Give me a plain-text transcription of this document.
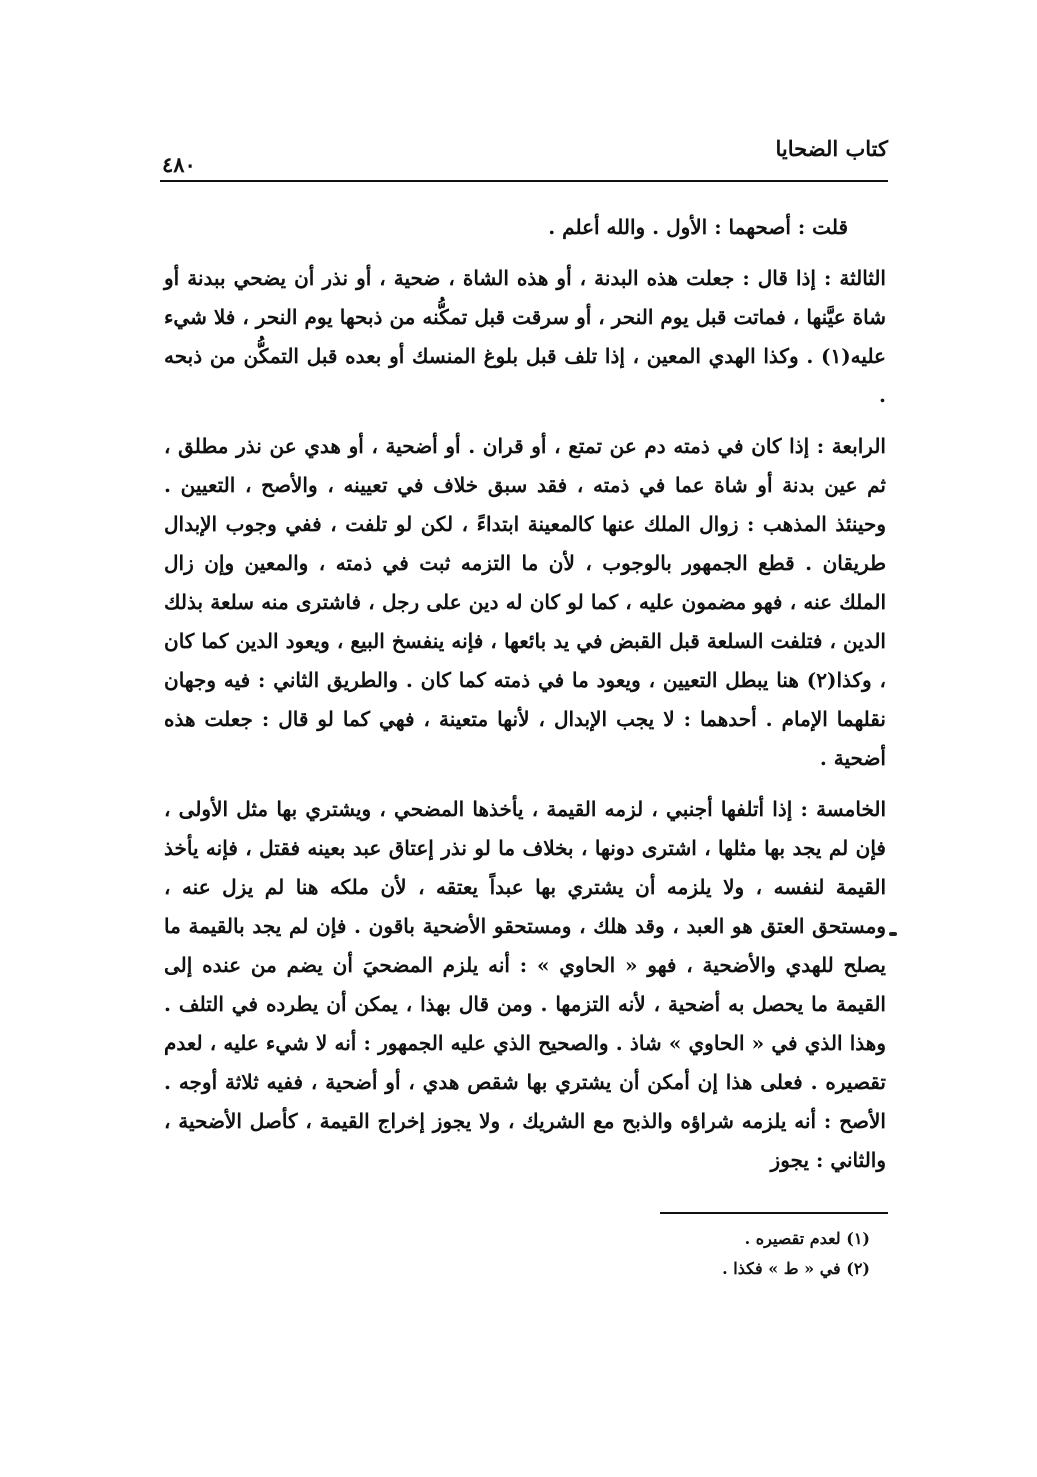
كتاب الضحايا
٤٨٠

قلت : أصحهما : الأول . والله أعلم .

الثالثة : إذا قال : جعلت هذه البدنة ، أو هذه الشاة ، ضحية ، أو نذر أن يضحي ببدنة أو شاة عيَّنها ، فماتت قبل يوم النحر ، أو سرقت قبل تمكُّنه من ذبحها يوم النحر ، فلا شيء عليه(١) . وكذا الهدي المعين ، إذا تلف قبل بلوغ المنسك أو بعده قبل التمكُّن من ذبحه .

الرابعة : إذا كان في ذمته دم عن تمتع ، أو قران . أو أضحية ، أو هدي عن نذر مطلق ، ثم عين بدنة أو شاة عما في ذمته ، فقد سبق خلاف في تعيينه ، والأصح ، التعيين . وحينئذ المذهب : زوال الملك عنها كالمعينة ابتداءً ، لكن لو تلفت ، ففي وجوب الإبدال طريقان . قطع الجمهور بالوجوب ، لأن ما التزمه ثبت في ذمته ، والمعين وإن زال الملك عنه ، فهو مضمون عليه ، كما لو كان له دين على رجل ، فاشترى منه سلعة بذلك الدين ، فتلفت السلعة قبل القبض في يد بائعها ، فإنه ينفسخ البيع ، ويعود الدين كما كان ، وكذا(٢) هنا يبطل التعيين ، ويعود ما في ذمته كما كان . والطريق الثاني : فيه وجهان نقلهما الإمام . أحدهما : لا يجب الإبدال ، لأنها متعينة ، فهي كما لو قال : جعلت هذه أضحية .

الخامسة : إذا أتلفها أجنبي ، لزمه القيمة ، يأخذها المضحي ، ويشتري بها مثل الأولى ، فإن لم يجد بها مثلها ، اشترى دونها ، بخلاف ما لو نذر إعتاق عبد بعينه فقتل ، فإنه يأخذ القيمة لنفسه ، ولا يلزمه أن يشتري بها عبداً يعتقه ، لأن ملكه هنا لم يزل عنه ، ومستحق العتق هو العبد ، وقد هلك ، ومستحقو الأضحية باقون . فإن لم يجد بالقيمة ما يصلح للهدي والأضحية ، فهو « الحاوي » : أنه يلزم المضحيَ أن يضم من عنده إلى القيمة ما يحصل به أضحية ، لأنه التزمها . ومن قال بهذا ، يمكن أن يطرده في التلف . وهذا الذي في « الحاوي » شاذ . والصحيح الذي عليه الجمهور : أنه لا شيء عليه ، لعدم تقصيره . فعلى هذا إن أمكن أن يشتري بها شقص هدي ، أو أضحية ، ففيه ثلاثة أوجه . الأصح : أنه يلزمه شراؤه والذبح مع الشريك ، ولا يجوز إخراج القيمة ، كأصل الأضحية ، والثاني : يجوز

(١) لعدم تقصيره .

(٢) في « ط » فكذا .
